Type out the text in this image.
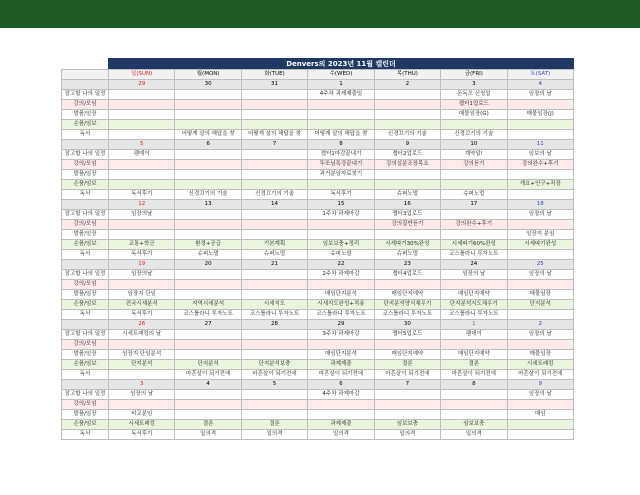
Denvers의 2023년 11월 캘린더
	일(SUN)	월(MON)	화(TUE)	수(WED)	목(THU)	금(FRI)	토(SAT)
	29	30	31	1	2	3	4
잠고할 나의 일정				4주차 과제제출일		돈독모 신청일	임장의 날
강의/모임						젭터1업로드	
발품/임장						매물임장(G)	매물임장(J)
손품/임보							
독서		어떻게 살의 해답을 찾	어떻게 살의 해답을 찾	어떻게 살의 해답을 찾	신경끄기의 기술	신경끄기의 기술	
	5	6	7	8	9	10	11
잠고할 나의 일정	펨데이			젭터1마감끝내기	젭터2업로드	계약일!	임보의 날
강의/모임				뚜또님특강끝내기	강의실분조장목요	강의듣기	강의완수+후기
발품/임장				과거분임자료찾기			
손품/임보							개요+인구+직장
독서	독서후기	신경끄기의 기술	신경끄기의 기술	독서후기	슈퍼노멀	슈퍼노멀	
	12	13	14	15	16	17	18
잠고할 나의 일정	임장의날			1주차 과제마감	젭터3업로드		임장의 날
강의/모임					강의질반듣기	강의완수+후기	
발품/임장							임장지 분임
손품/임보	교통+학군	환경+공급	기본계획	임보보충+정리	시세따기30%완성	시세따기60%완성	시세따기완성
독서	독서후기	슈퍼노멀	슈퍼노멀	슈퍼노멀	슈퍼노멀	코스톨라니 투자노트	
	19	20	21	22	23	24	25
잠고할 나의 일정	임장의날			2주차 과제마감	젭터4업로드	임장의 날	임장의 날
강의/모임							
발품/임장	임장지 단임			매임단지분석	매임단지예약	매임단지예약	매물임장
손품/임보	전국시세분석	지역시세분석	시세지도	시세지도완성+적용	단지분석양식채우기	단지분석지도채우기	단지분석
독서	독서후기	코스톨라니 투자노트	코스톨라니 투자노트	코스톨라니 투자노트	코스톨라니 투자노트	코스톨라니 투자노트	
	26	27	28	29	30	1	2
잠고할 나의 일정	시세트래킹의 날			3주차 과제마감	젭터5업로드	펨데이	임장의 날
강의/모임							
발품/임장	임장지 단임분석			매임단지분석	매임단지예약	매임단지예약	매물임장
손품/임보	단지분석	단지분석	단지분석보충	과제제출	결론	결론	시세트래킹
독서		마흔살이 되기전에	마흔살이 되기전에	마흔살이 되기전에	마흔살이 되기전에	마흔살이 되기전에	마흔살이 되기전에
	3	4	5	6	7	8	9
잠고할 나의 일정	임장의 날			4주차 과제마감			임장의 날
강의/모임							
발품/임장	비교분임						매임
손품/임보	시세트래킹	결론	결론	과제제출	임보보충	임보보충	
독서	독서후기	일의격	일의격	일의격	일의격	일의격	
